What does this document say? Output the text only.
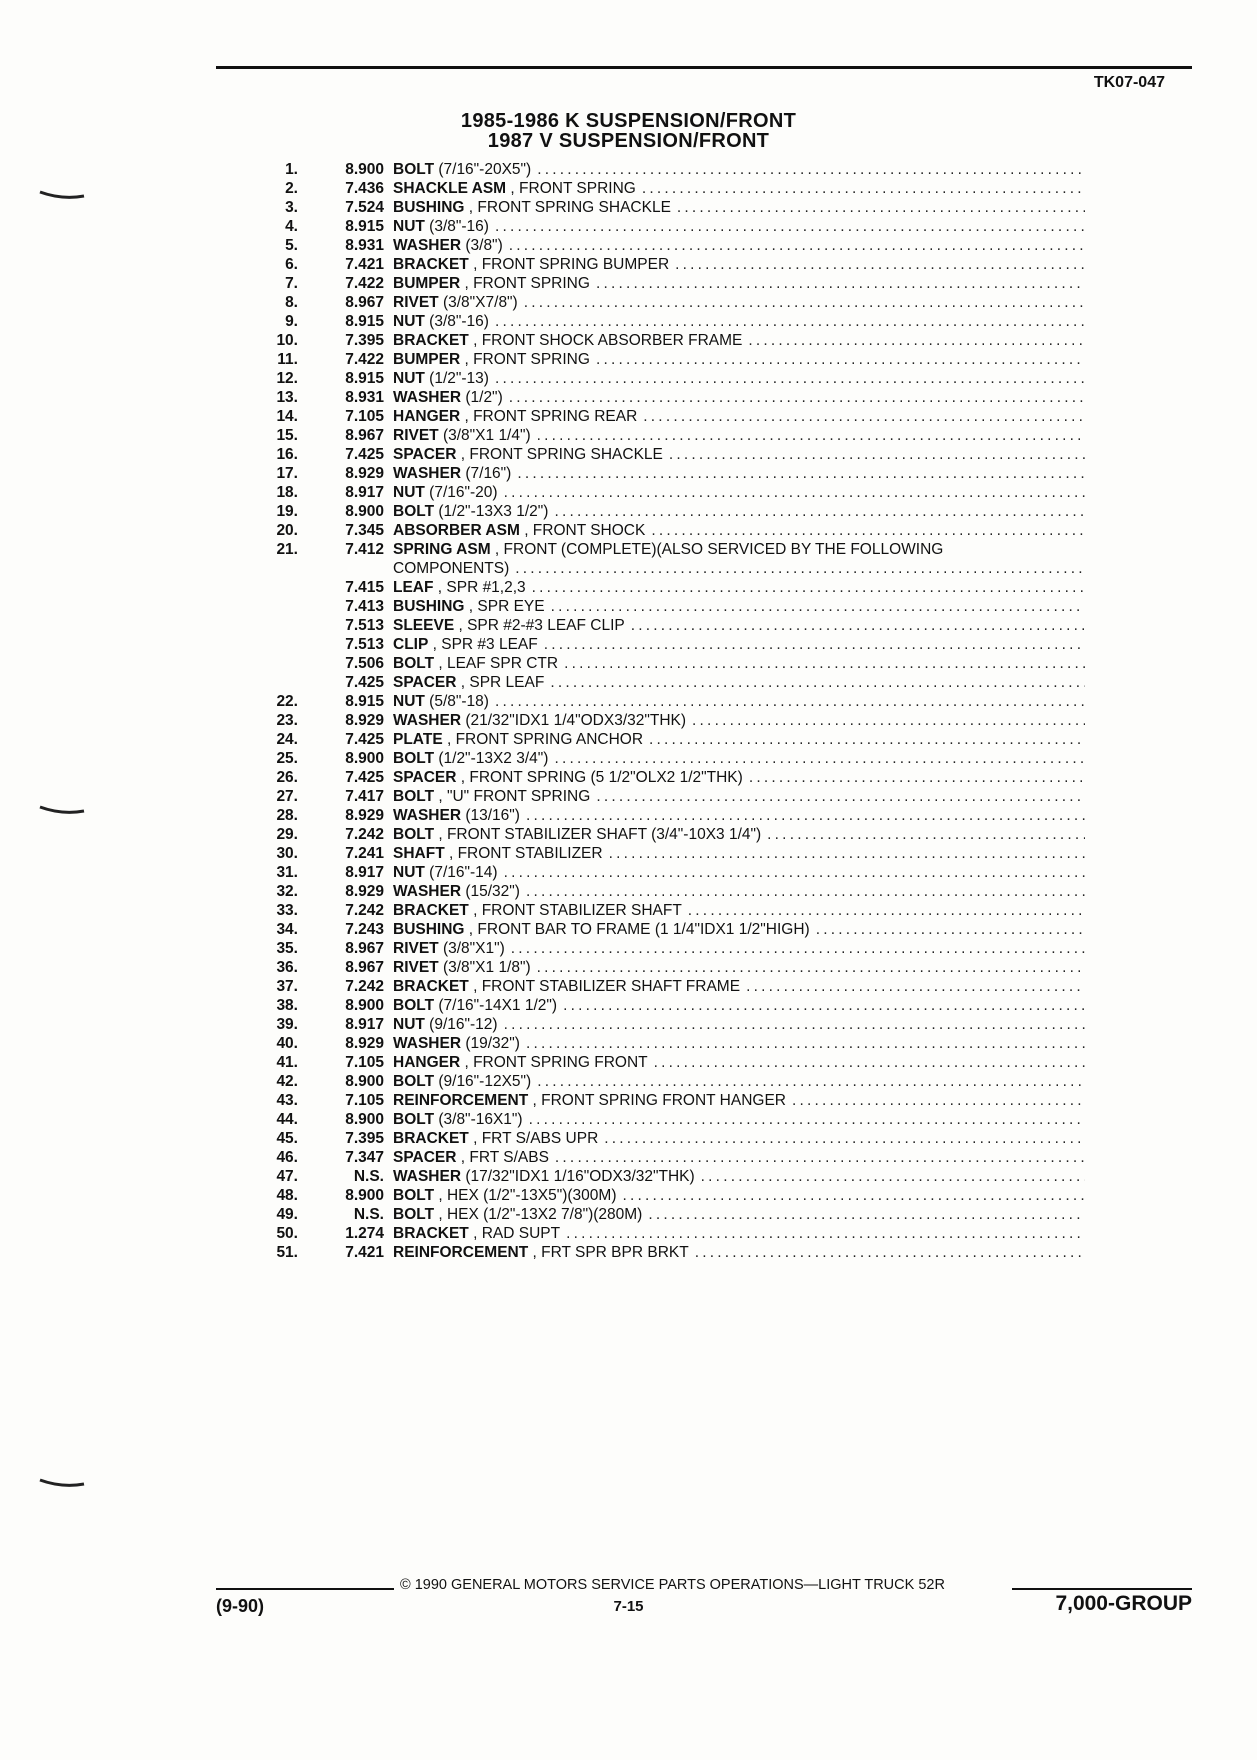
TK07-047
1985-1986 K SUSPENSION/FRONT
1987 V SUSPENSION/FRONT
1.	8.900 BOLT (7/16"-20X5")
.....
2.	7.436 SHACKLE ASM , FRONT SPRING
.....
3.	7.524 BUSHING , FRONT SPRING SHACKLE
.....
4.	8.915 NUT (3/8"-16)
.....
5.	8.931 WASHER (3/8")
.....
6.	7.421 BRACKET , FRONT SPRING BUMPER
.....
7.	7.422 BUMPER , FRONT SPRING
.....
8.	8.967 RIVET (3/8"X7/8")
.....
9.	8.915 NUT (3/8"-16)
.....
10.	7.395 BRACKET , FRONT SHOCK ABSORBER FRAME
.....
11.	7.422 BUMPER , FRONT SPRING
.....
12.	8.915 NUT (1/2"-13)
.....
13.	8.931 WASHER (1/2")
.....
14.	7.105 HANGER , FRONT SPRING REAR
.....
15.	8.967 RIVET (3/8"X1 1/4")
.....
16.	7.425 SPACER , FRONT SPRING SHACKLE
.....
17.	8.929 WASHER (7/16")
.....
18.	8.917 NUT (7/16"-20)
.....
19.	8.900 BOLT (1/2"-13X3 1/2")
.....
20.	7.345 ABSORBER ASM , FRONT SHOCK
.....
21.	7.412 SPRING ASM , FRONT (COMPLETE)(ALSO SERVICED BY THE FOLLOWING
COMPONENTS)
.....
7.415 LEAF , SPR #1,2,3
.....
7.413 BUSHING , SPR EYE
.....
7.513 SLEEVE , SPR #2-#3 LEAF CLIP
.....
7.513 CLIP , SPR #3 LEAF
.....
7.506 BOLT , LEAF SPR CTR
.....
7.425 SPACER , SPR LEAF
.....
22.	8.915 NUT (5/8"-18)
.....
23.	8.929 WASHER (21/32"IDX1 1/4"ODX3/32"THK)
.....
24.	7.425 PLATE , FRONT SPRING ANCHOR
.....
25.	8.900 BOLT (1/2"-13X2 3/4")
.....
26.	7.425 SPACER , FRONT SPRING (5 1/2"OLX2 1/2"THK)
.....
27.	7.417 BOLT , "U" FRONT SPRING
.....
28.	8.929 WASHER (13/16")
.....
29.	7.242 BOLT , FRONT STABILIZER SHAFT (3/4"-10X3 1/4")
.....
30.	7.241 SHAFT , FRONT STABILIZER
.....
31.	8.917 NUT (7/16"-14)
.....
32.	8.929 WASHER (15/32")
.....
33.	7.242 BRACKET , FRONT STABILIZER SHAFT
.....
34.	7.243 BUSHING , FRONT BAR TO FRAME (1 1/4"IDX1 1/2"HIGH)
.....
35.	8.967 RIVET (3/8"X1")
.....
36.	8.967 RIVET (3/8"X1 1/8")
.....
37.	7.242 BRACKET , FRONT STABILIZER SHAFT FRAME
.....
38.	8.900 BOLT (7/16"-14X1 1/2")
.....
39.	8.917 NUT (9/16"-12)
.....
40.	8.929 WASHER (19/32")
.....
41.	7.105 HANGER , FRONT SPRING FRONT
.....
42.	8.900 BOLT (9/16"-12X5")
.....
43.	7.105 REINFORCEMENT , FRONT SPRING FRONT HANGER
.....
44.	8.900 BOLT (3/8"-16X1")
.....
45.	7.395 BRACKET , FRT S/ABS UPR
.....
46.	7.347 SPACER , FRT S/ABS
.....
47.	N.S. WASHER (17/32"IDX1 1/16"ODX3/32"THK)
.....
48.	8.900 BOLT , HEX (1/2"-13X5")(300M)
.....
49.	N.S. BOLT , HEX (1/2"-13X2 7/8")(280M)
.....
50.	1.274 BRACKET , RAD SUPT
.....
51.	7.421 REINFORCEMENT , FRT SPR BPR BRKT
.....
© 1990 GENERAL MOTORS SERVICE PARTS OPERATIONS—LIGHT TRUCK 52R
(9-90)	7-15	7,000-GROUP
